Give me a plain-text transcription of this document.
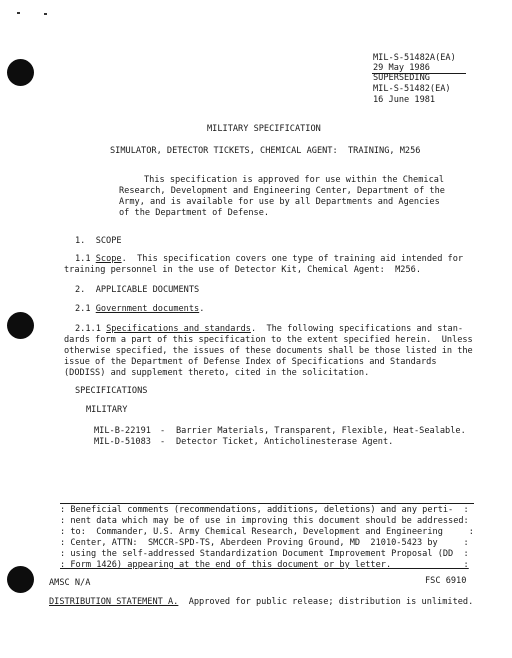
MIL-S-51482A(EA)
29 May 1986
SUPERSEDING
MIL-S-51482(EA)
16 June 1981
MILITARY SPECIFICATION
SIMULATOR, DETECTOR TICKETS, CHEMICAL AGENT:  TRAINING, M256
This specification is approved for use within the Chemical
Research, Development and Engineering Center, Department of the
Army, and is available for use by all Departments and Agencies
of the Department of Defense.
1.  SCOPE
1.1 Scope.  This specification covers one type of training aid intended for
training personnel in the use of Detector Kit, Chemical Agent:  M256.
2.  APPLICABLE DOCUMENTS
2.1 Government documents.
2.1.1 Specifications and standards.  The following specifications and stan-
dards form a part of this specification to the extent specified herein.  Unless
otherwise specified, the issues of these documents shall be those listed in the
issue of the Department of Defense Index of Specifications and Standards
(DODISS) and supplement thereto, cited in the solicitation.
SPECIFICATIONS
MILITARY
MIL-B-22191 - Barrier Materials, Transparent, Flexible, Heat-Sealable.
MIL-D-51083 - Detector Ticket, Anticholinesterase Agent.
: Beneficial comments (recommendations, additions, deletions) and any perti-  :
: nent data which may be of use in improving this document should be addressed:
: to:  Commander, U.S. Army Chemical Research, Development and Engineering     :
: Center, ATTN:  SMCCR-SPD-TS, Aberdeen Proving Ground, MD  21010-5423 by     :
: using the self-addressed Standardization Document Improvement Proposal (DD  :
: Form 1426) appearing at the end of this document or by letter.              :
AMSC N/A	FSC 6910
DISTRIBUTION STATEMENT A.  Approved for public release; distribution is unlimited.
